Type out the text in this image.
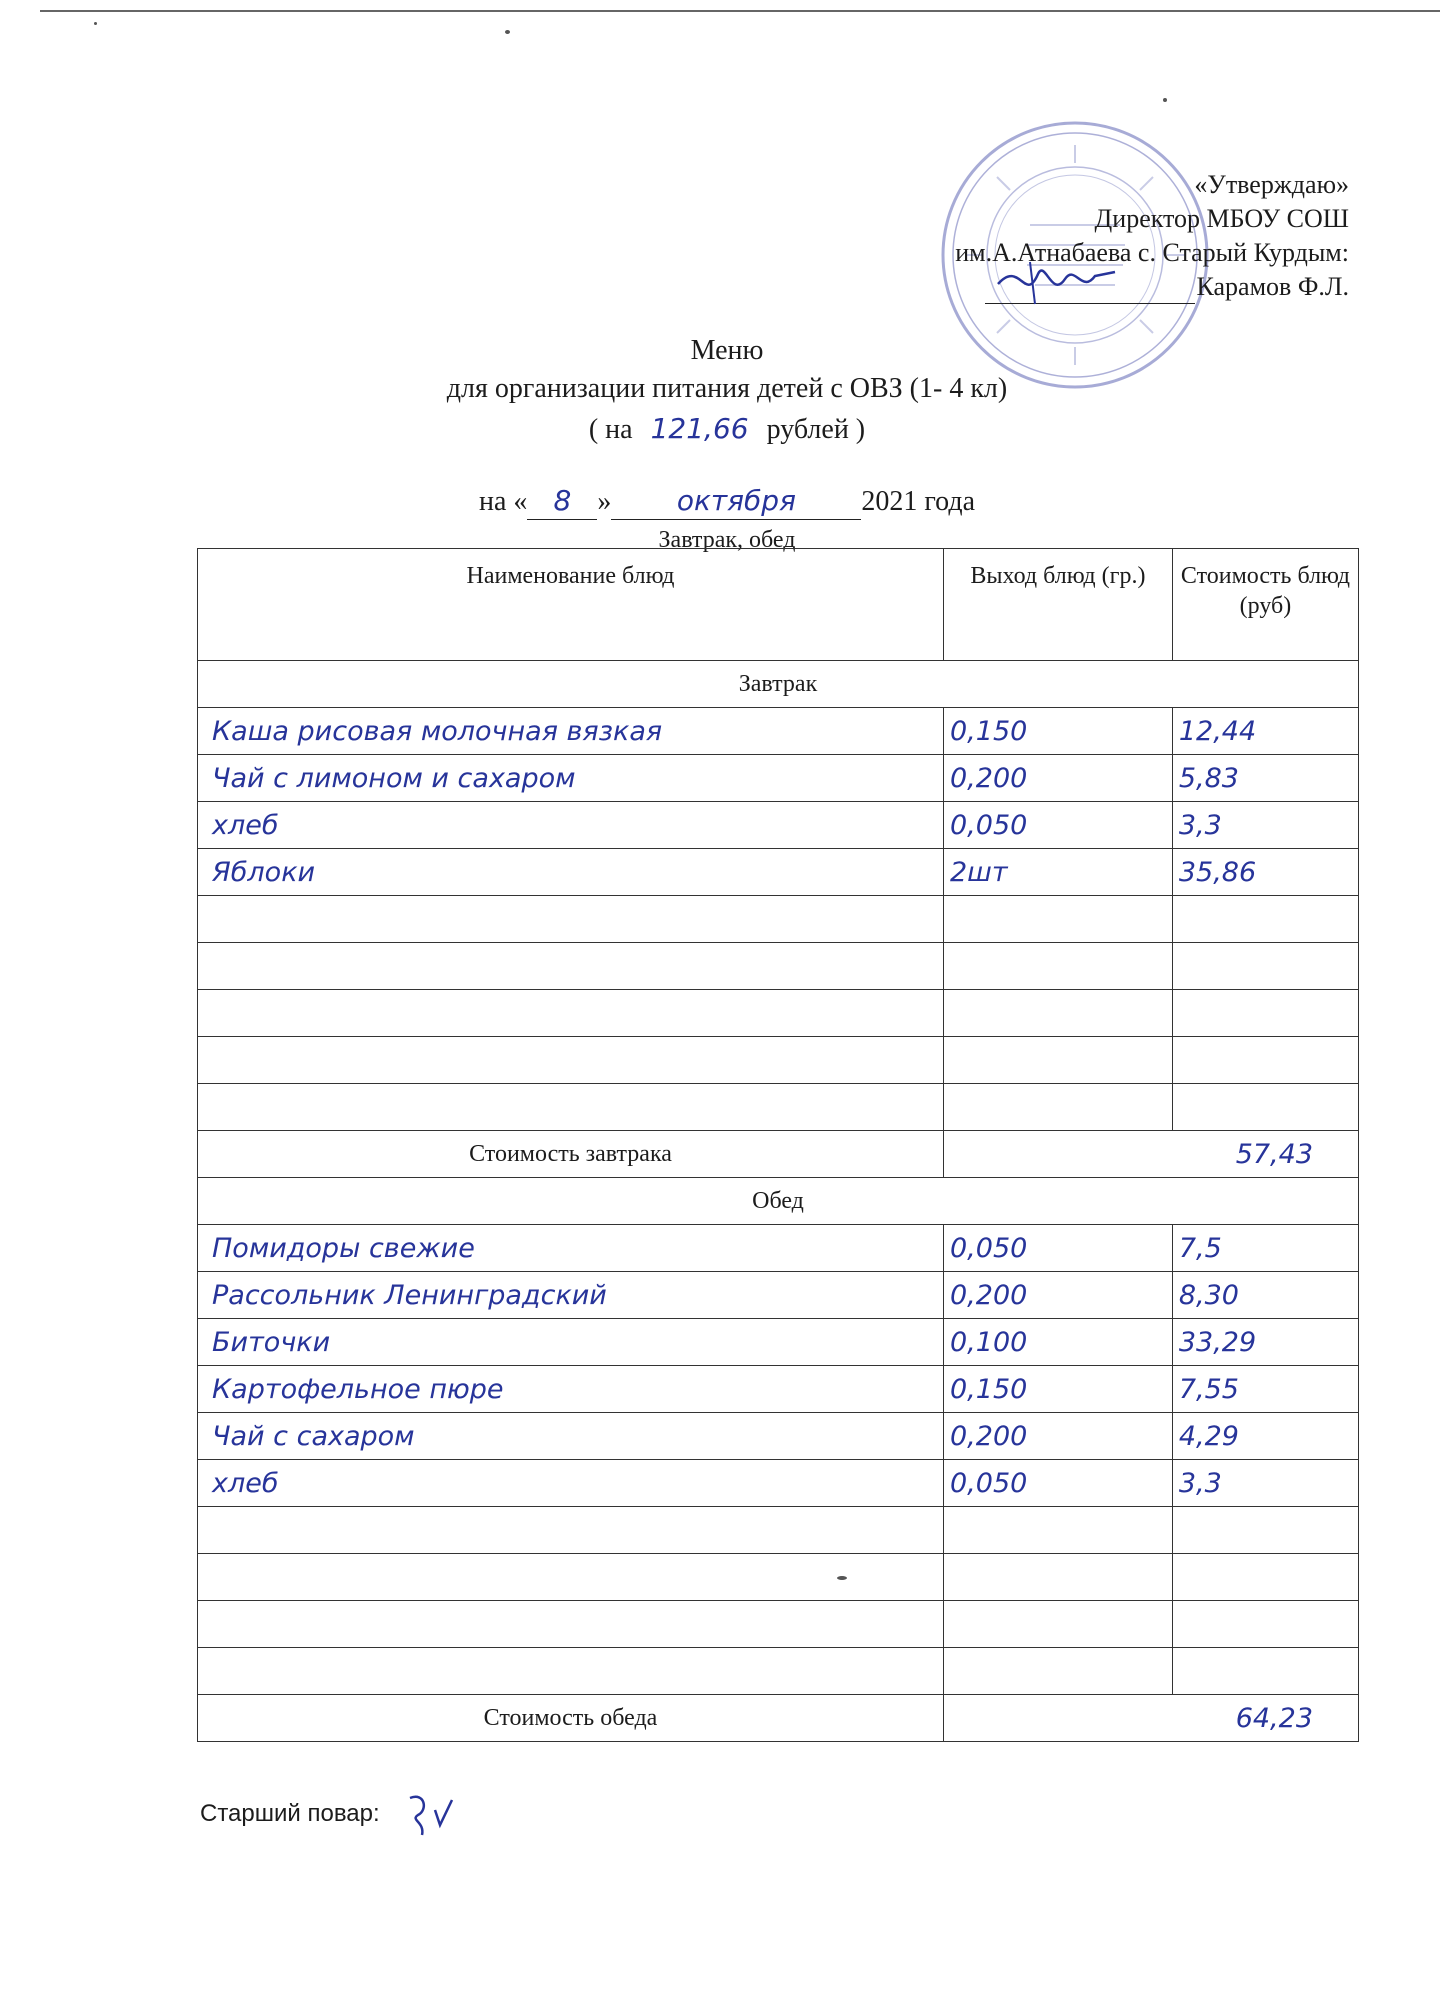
«Утверждаю»
Директор МБОУ СОШ
им.А.Атнабаева с. Старый Курдым:
Карамов Ф.Л.
Меню
для организации питания детей с ОВЗ (1- 4 кл)
( на 121,66 рублей )
на « 8 » октября 2021 года
Завтрак, обед
Наименование блюд	Выход блюд (гр.)	Стоимость блюд (руб)
Завтрак		
Каша рисовая молочная вязкая	0,150	12,44
Чай с лимоном и сахаром	0,200	5,83
хлеб	0,050	3,3
Яблоки	2шт	35,86

Стоимость завтрака	57,43	
Обед		
Помидоры свежие	0,050	7,5
Рассольник Ленинградский	0,200	8,30
Биточки	0,100	33,29
Картофельное пюре	0,150	7,55
Чай с сахаром	0,200	4,29
хлеб	0,050	3,3

Стоимость обеда	64,23	
Старший повар:
